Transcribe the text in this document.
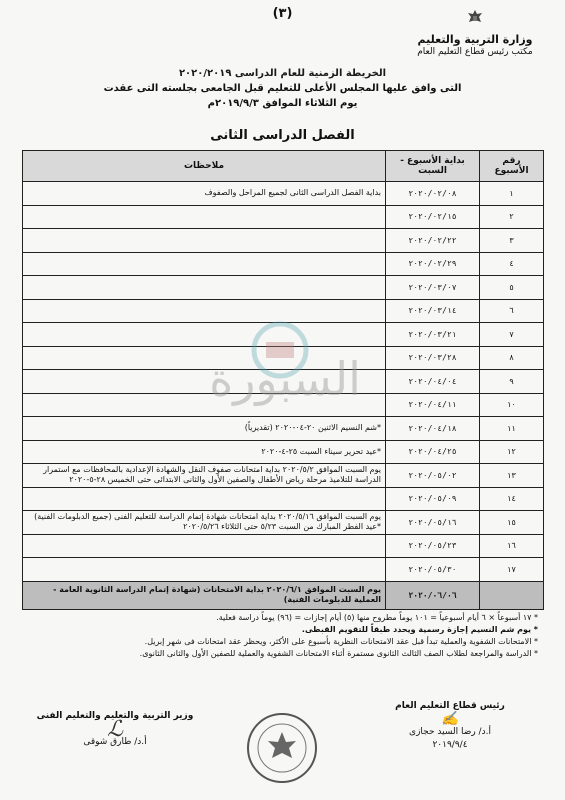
(٣)
وزارة التربية والتعليم
مكتب رئيس قطاع التعليم العام
الخريطة الزمنية للعام الدراسى ٢٠٢٠/٢٠١٩
التى وافق عليها المجلس الأعلى للتعليم قبل الجامعى بجلسته التى عقدت
يوم الثلاثاء الموافق ٢٠١٩/٩/٣م
الفصل الدراسى الثانى
رقم الأسبوع	بداية الأسبوع - السبت	ملاحظات
١	٢٠٢٠/٠٢/٠٨	بداية الفصل الدراسى الثانى لجميع المراحل والصفوف
٢	٢٠٢٠/٠٢/١٥	
٣	٢٠٢٠/٠٢/٢٢	
٤	٢٠٢٠/٠٢/٢٩	
٥	٢٠٢٠/٠٣/٠٧	
٦	٢٠٢٠/٠٣/١٤	
٧	٢٠٢٠/٠٣/٢١	
٨	٢٠٢٠/٠٣/٢٨	
٩	٢٠٢٠/٠٤/٠٤	
١٠	٢٠٢٠/٠٤/١١	
١١	٢٠٢٠/٠٤/١٨	*شم النسيم الاثنين ٢٠-٠٤-٢٠٢٠ (تقديرياً)
١٢	٢٠٢٠/٠٤/٢٥	*عيد تحرير سيناء السبت ٢٥-٤-٢٠٢٠
١٣	٢٠٢٠/٠٥/٠٢	يوم السبت الموافق ٢٠٢٠/٥/٢ بداية امتحانات صفوف النقل والشهادة الإعدادية بالمحافظات مع استمرار الدراسة للتلاميذ مرحلة رياض الأطفال والصفين الأول والثانى الابتدائى حتى الخميس ٢٨-٥-٢٠٢٠
١٤	٢٠٢٠/٠٥/٠٩	
١٥	٢٠٢٠/٠٥/١٦	يوم السبت الموافق ٢٠٢٠/٥/١٦ بداية امتحانات شهادة إتمام الدراسة للتعليم الفنى (جميع الدبلومات الفنية) *عيد الفطر المبارك من السبت ٥/٢٣ حتى الثلاثاء ٢٠٢٠/٥/٢٦
١٦	٢٠٢٠/٠٥/٢٣	
١٧	٢٠٢٠/٠٥/٣٠	
	٢٠٢٠/٠٦/٠٦	يوم السبت الموافق ٢٠٢٠/٦/١ بداية الامتحانات (شهادة إتمام الدراسة الثانوية العامة - العملية للدبلومات الفنية)
السبورة
* ١٧ أسبوعاً × ٦ أيام أسبوعياً = ١٠١ يوماً مطروح منها (٥) أيام إجازات = (٩٦) يوماً دراسة فعلية.
* يوم شم النسيم إجازة رسمية ويحدد طبقاً للتقويم القبطى.
* الامتحانات الشفوية والعملية تبدأ قبل عقد الامتحانات النظرية بأسبوع على الأكثر، ويحظر عقد امتحانات فى شهر إبريل.
* الدراسة والمراجعة لطلاب الصف الثالث الثانوى مستمرة أثناء الامتحانات الشفوية والعملية للصفين الأول والثانى الثانوى.
رئيس قطاع التعليم العام
✍
أ.د/ رضا السيد حجازى
٢٠١٩/٩/٤
وزير التربية والتعليم والتعليم الفنى
ℒ
أ.د/ طارق شوقى
